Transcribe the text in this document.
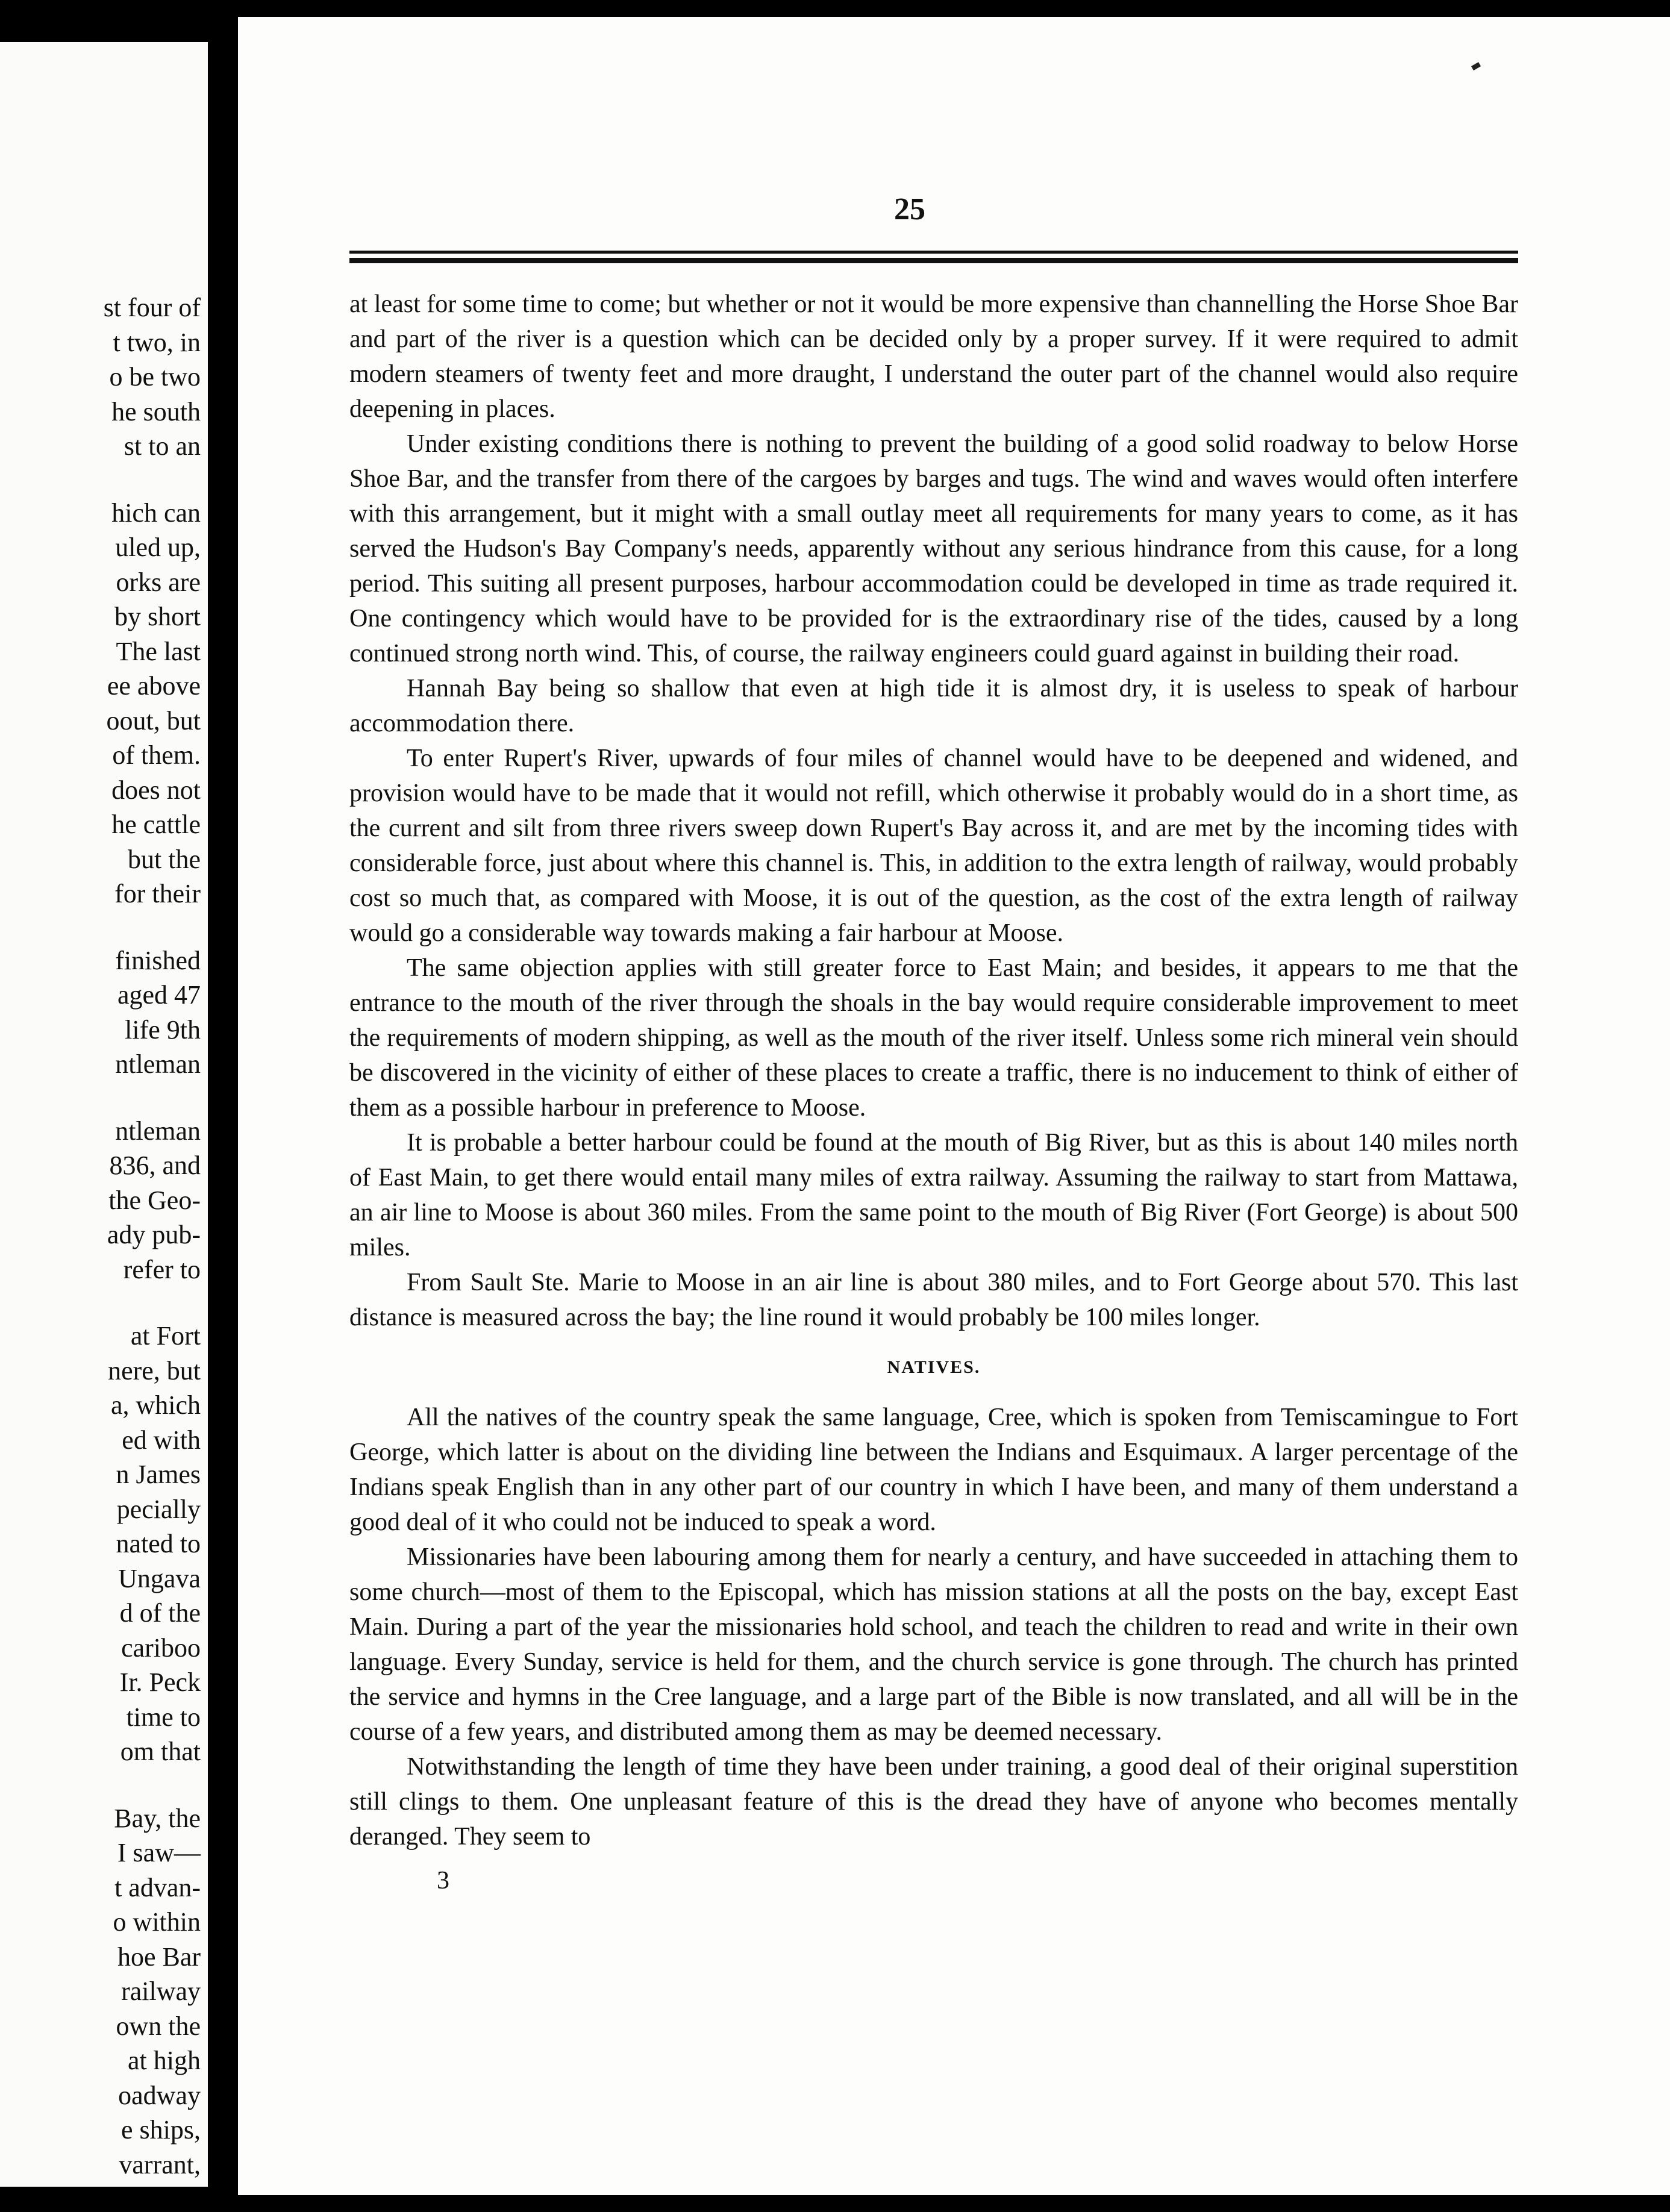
st four of
t two, in
o be two
he south
st to an
hich can
uled up,
orks are
by short
The last
ee above
oout, but
of them.
does not
he cattle
but the
for their
finished
aged 47
life 9th
ntleman
ntleman
836, and
the Geo-
ady pub-
refer to
at Fort
nere, but
a, which
ed with
n James
pecially
nated to
Ungava
d of the
cariboo
Ir. Peck
time to
om that
Bay, the
I saw—
t advan-
o within
hoe Bar
railway
own the
at high
oadway
e ships,
varrant,
25

at least for some time to come; but whether or not it would be more expensive than channelling the Horse Shoe Bar and part of the river is a question which can be decided only by a proper survey. If it were required to admit modern steamers of twenty feet and more draught, I understand the outer part of the channel would also require deepening in places.

Under existing conditions there is nothing to prevent the building of a good solid roadway to below Horse Shoe Bar, and the transfer from there of the cargoes by barges and tugs. The wind and waves would often interfere with this arrangement, but it might with a small outlay meet all requirements for many years to come, as it has served the Hudson's Bay Company's needs, apparently without any serious hindrance from this cause, for a long period. This suiting all present purposes, harbour accommodation could be developed in time as trade required it. One contingency which would have to be provided for is the extraordinary rise of the tides, caused by a long continued strong north wind. This, of course, the railway engineers could guard against in building their road.

Hannah Bay being so shallow that even at high tide it is almost dry, it is useless to speak of harbour accommodation there.

To enter Rupert's River, upwards of four miles of channel would have to be deepened and widened, and provision would have to be made that it would not refill, which otherwise it probably would do in a short time, as the current and silt from three rivers sweep down Rupert's Bay across it, and are met by the incoming tides with considerable force, just about where this channel is. This, in addition to the extra length of railway, would probably cost so much that, as compared with Moose, it is out of the question, as the cost of the extra length of railway would go a considerable way towards making a fair harbour at Moose.

The same objection applies with still greater force to East Main; and besides, it appears to me that the entrance to the mouth of the river through the shoals in the bay would require considerable improvement to meet the requirements of modern shipping, as well as the mouth of the river itself. Unless some rich mineral vein should be discovered in the vicinity of either of these places to create a traffic, there is no inducement to think of either of them as a possible harbour in preference to Moose.

It is probable a better harbour could be found at the mouth of Big River, but as this is about 140 miles north of East Main, to get there would entail many miles of extra railway. Assuming the railway to start from Mattawa, an air line to Moose is about 360 miles. From the same point to the mouth of Big River (Fort George) is about 500 miles.

From Sault Ste. Marie to Moose in an air line is about 380 miles, and to Fort George about 570. This last distance is measured across the bay; the line round it would probably be 100 miles longer.

NATIVES.

All the natives of the country speak the same language, Cree, which is spoken from Temiscamingue to Fort George, which latter is about on the dividing line between the Indians and Esquimaux. A larger percentage of the Indians speak English than in any other part of our country in which I have been, and many of them understand a good deal of it who could not be induced to speak a word.

Missionaries have been labouring among them for nearly a century, and have succeeded in attaching them to some church—most of them to the Episcopal, which has mission stations at all the posts on the bay, except East Main. During a part of the year the missionaries hold school, and teach the children to read and write in their own language. Every Sunday, service is held for them, and the church service is gone through. The church has printed the service and hymns in the Cree language, and a large part of the Bible is now translated, and all will be in the course of a few years, and distributed among them as may be deemed necessary.

Notwithstanding the length of time they have been under training, a good deal of their original superstition still clings to them. One unpleasant feature of this is the dread they have of anyone who becomes mentally deranged. They seem to

3
